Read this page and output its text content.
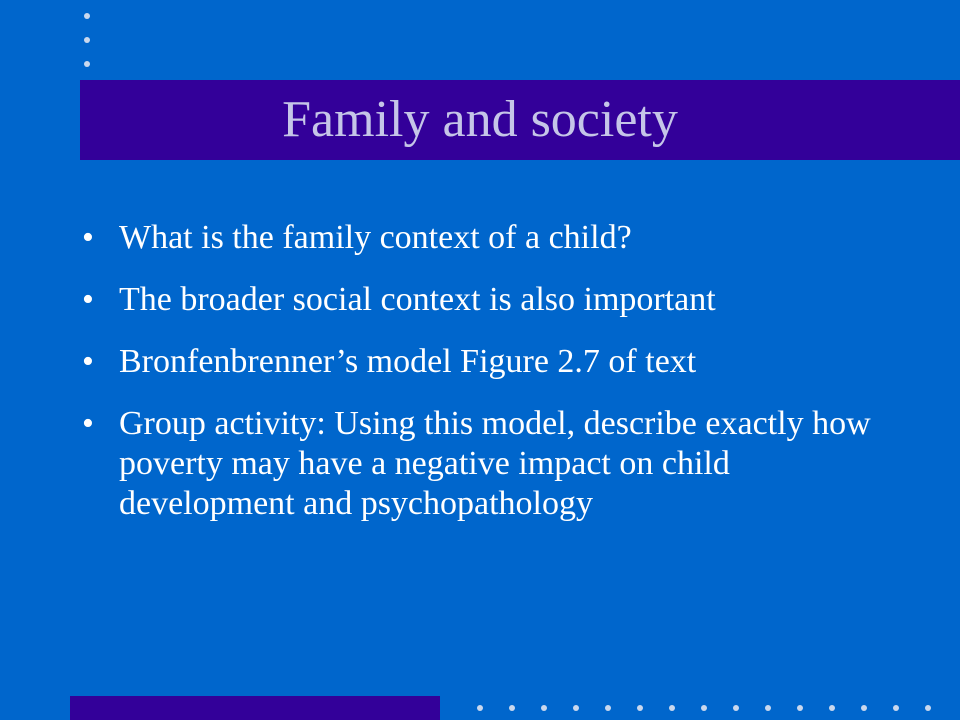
Family and society
• What is the family context of a child?
• The broader social context is also important
• Bronfenbrenner’s model Figure 2.7 of text
• Group activity: Using this model, describe exactly how poverty may have a negative impact on child development and psychopathology
